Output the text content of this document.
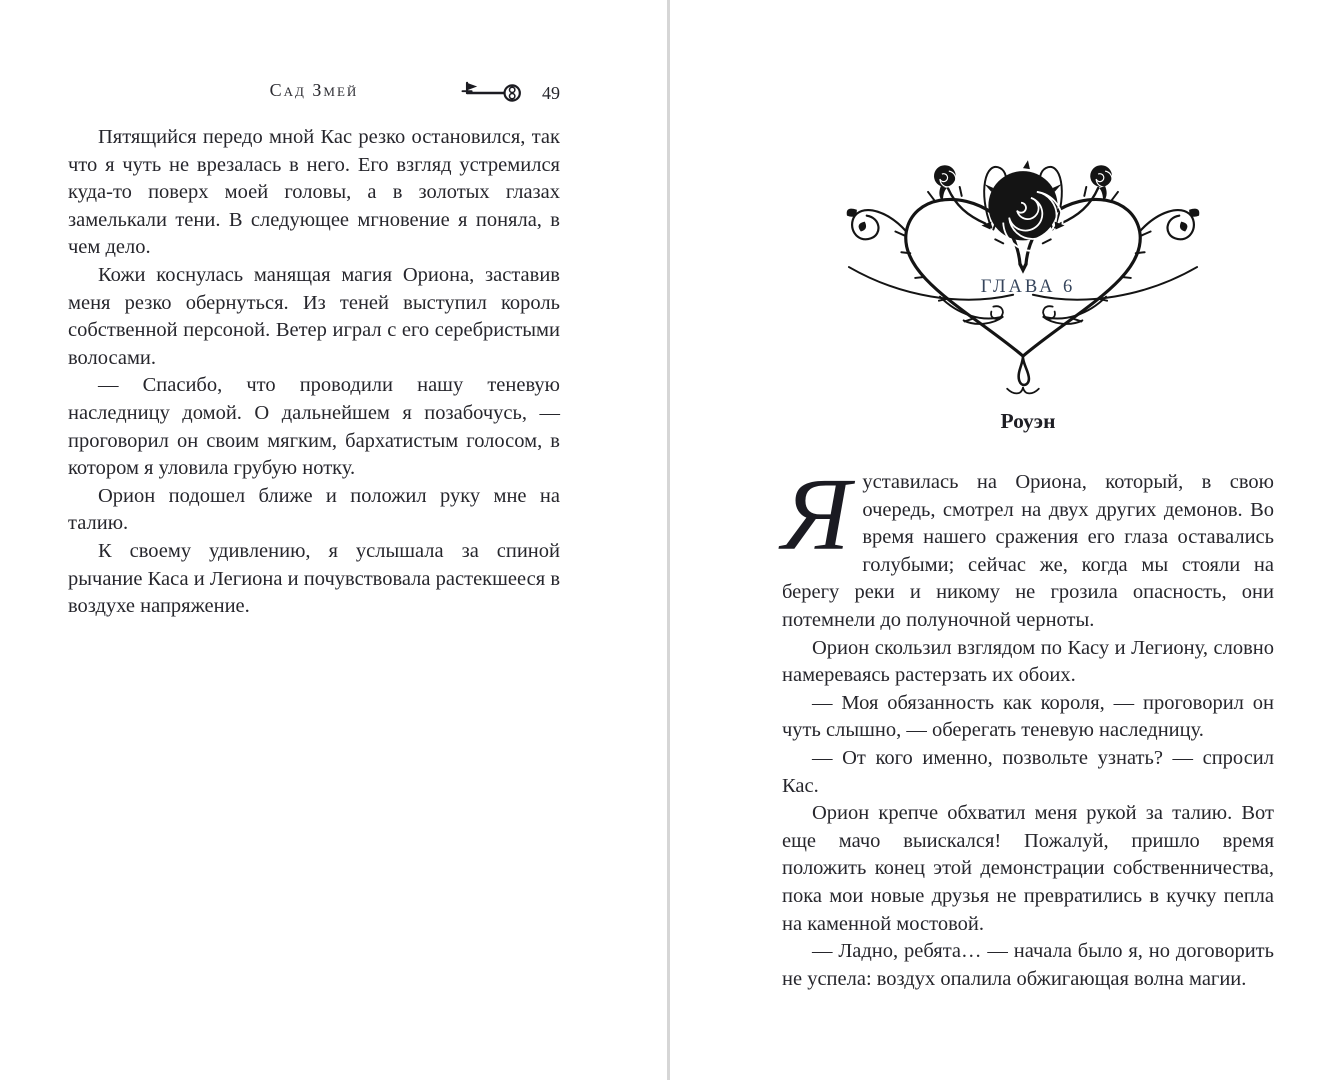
Сад Змей	49

Пятящийся передо мной Кас резко остановился, так что я чуть не врезалась в него. Его взгляд устремился куда-то поверх моей головы, а в золотых глазах замелькали тени. В следующее мгновение я поняла, в чем дело.

Кожи коснулась манящая магия Ориона, заставив меня резко обернуться. Из теней выступил король собственной персоной. Ветер играл с его серебристыми волосами.

— Спасибо, что проводили нашу теневую наследницу домой. О дальнейшем я позабочусь, — проговорил он своим мягким, бархатистым голосом, в котором я уловила грубую нотку.

Орион подошел ближе и положил руку мне на талию.

К своему удивлению, я услышала за спиной рычание Каса и Легиона и почувствовала растекшееся в воздухе напряжение.

ГЛАВА 6
Роуэн

Яуставилась на Ориона, который, в свою очередь, смотрел на двух других демонов. Во время нашего сражения его глаза оставались голубыми; сейчас же, когда мы стояли на берегу реки и никому не грозила опасность, они потемнели до полуночной черноты.

Орион скользил взглядом по Касу и Легиону, словно намереваясь растерзать их обоих.

— Моя обязанность как короля, — проговорил он чуть слышно, — оберегать теневую наследницу.

— От кого именно, позвольте узнать? — спросил Кас.

Орион крепче обхватил меня рукой за талию. Вот еще мачо выискался! Пожалуй, пришло время положить конец этой демонстрации собственничества, пока мои новые друзья не превратились в кучку пепла на каменной мостовой.

— Ладно, ребята… — начала было я, но договорить не успела: воздух опалила обжигающая волна магии.
